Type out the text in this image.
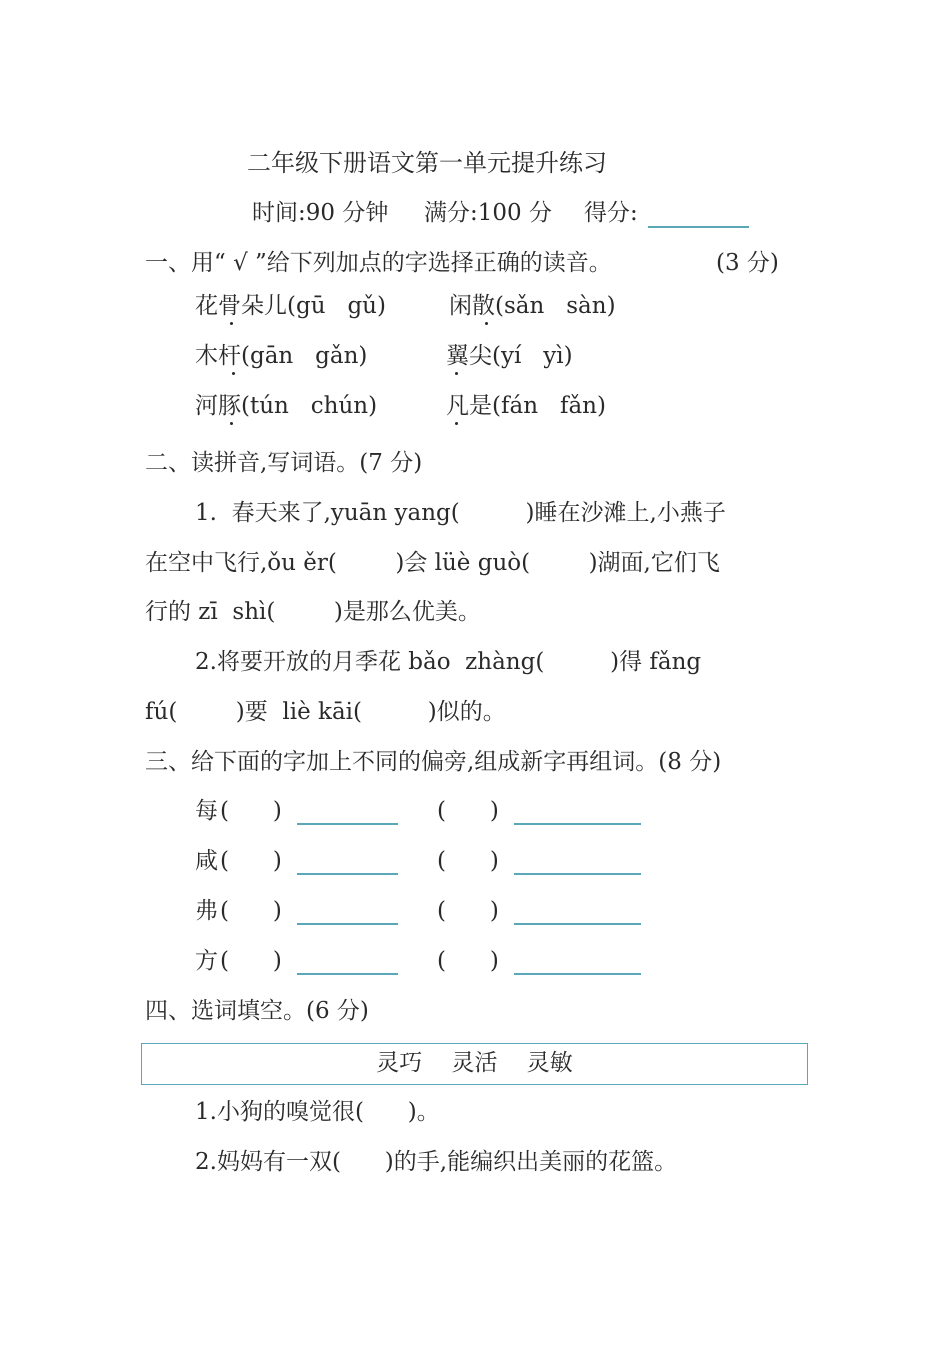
二年级下册语文第一单元提升练习
时间:90 分钟 满分:100 分 得分:
一、用“ √ ”给下列加点的字选择正确的读音。	(3 分)
花骨朵儿(gū   gǔ)	闲散(sǎn   sàn)
木杆(gān   gǎn)	翼尖(yí   yì)
河豚(tún   chún)	凡是(fán   fǎn)
二、读拼音,写词语。(7 分)
1.  春天来了,yuān yang(         )睡在沙滩上,小燕子
在空中飞行,ǒu ěr(        )会 lüè guò(        )湖面,它们飞
行的 zī  shì(        )是那么优美。
2.将要开放的月季花 bǎo  zhàng(         )得 fǎng
fú(        )要  liè kāi(         )似的。
三、给下面的字加上不同的偏旁,组成新字再组词。(8 分)
每 (      )	(      )
咸 (      )	(      )
弗 (      )	(      )
方 (      )	(      )
四、选词填空。(6 分)
灵巧    灵活    灵敏
1.小狗的嗅觉很(      )。
2.妈妈有一双(      )的手,能编织出美丽的花篮。
